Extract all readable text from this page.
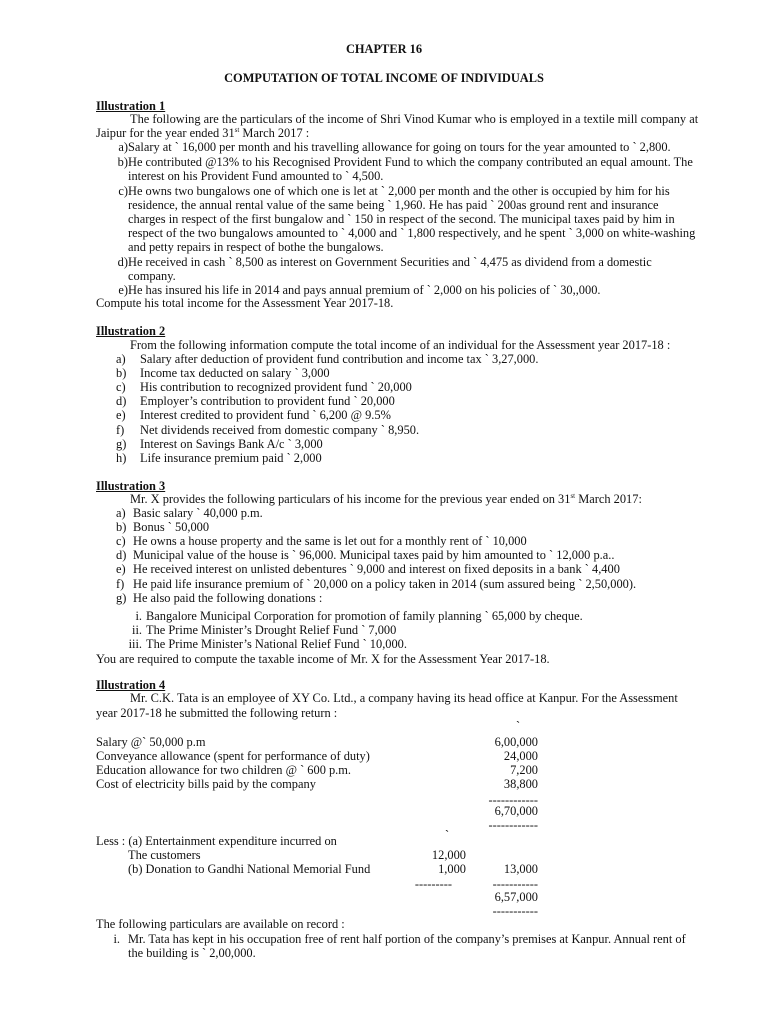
CHAPTER 16
COMPUTATION OF TOTAL INCOME OF INDIVIDUALS
Illustration 1
The following are the particulars of the income of Shri Vinod Kumar who is employed in a textile mill company at
Jaipur for the year ended 31st March 2017 :
a) Salary at ` 16,000 per month and his travelling allowance for going on tours for the year amounted to ` 2,800.
b) He contributed @13% to his Recognised Provident Fund to which the company contributed an equal amount. The
interest on his Provident Fund amounted to ` 4,500.
c) He owns two bungalows one of which one is let at ` 2,000 per month and the other is occupied by him for his
residence, the annual rental value of the same being ` 1,960. He has paid ` 200as ground rent and insurance
charges in respect of the first bungalow and ` 150 in respect of the second. The municipal taxes paid by him in
respect of the two bungalows amounted to ` 4,000 and ` 1,800 respectively, and he spent ` 3,000 on white-washing
and petty repairs in respect of bothe the bungalows.
d) He received in cash ` 8,500 as interest on Government Securities and ` 4,475 as dividend from a domestic
company.
e) He has insured his life in 2014 and pays annual premium of ` 2,000 on his policies of ` 30,,000.
Compute his total income for the Assessment Year 2017-18.
Illustration 2
From the following information compute the total income of an individual for the Assessment year 2017-18 :
a) Salary after deduction of provident fund contribution and income tax ` 3,27,000.
b) Income tax deducted on salary ` 3,000
c) His contribution to recognized provident fund ` 20,000
d) Employer’s contribution to provident fund ` 20,000
e) Interest credited to provident fund ` 6,200 @ 9.5%
f) Net dividends received from domestic company ` 8,950.
g) Interest on Savings Bank A/c ` 3,000
h) Life insurance premium paid ` 2,000
Illustration 3
Mr. X provides the following particulars of his income for the previous year ended on 31st March 2017:
a) Basic salary ` 40,000 p.m.
b) Bonus ` 50,000
c) He owns a house property and the same is let out for a monthly rent of ` 10,000
d) Municipal value of the house is ` 96,000. Municipal taxes paid by him amounted to ` 12,000 p.a..
e) He received interest on unlisted debentures ` 9,000 and interest on fixed deposits in a bank ` 4,400
f) He paid life insurance premium of ` 20,000 on a policy taken in 2014 (sum assured being ` 2,50,000).
g) He also paid the following donations :
i. Bangalore Municipal Corporation for promotion of family planning ` 65,000 by cheque.
ii. The Prime Minister’s Drought Relief Fund ` 7,000
iii. The Prime Minister’s National Relief Fund ` 10,000.
You are required to compute the taxable income of Mr. X for the Assessment Year 2017-18.
Illustration 4
Mr. C.K. Tata is an employee of XY Co. Ltd., a company having its head office at Kanpur. For the Assessment
year 2017-18 he submitted the following return :
`
Salary @` 50,000 p.m	6,00,000
Conveyance allowance (spent for performance of duty)	24,000
Education allowance for two children @ ` 600 p.m.	7,200
Cost of electricity bills paid by the company	38,800
------------
6,70,000
------------
`
Less : (a) Entertainment expenditure incurred on
The customers	12,000
(b) Donation to Gandhi National Memorial Fund	1,000	13,000
---------	-----------
6,57,000
-----------
The following particulars are available on record :
i. Mr. Tata has kept in his occupation free of rent half portion of the company’s premises at Kanpur. Annual rent of
the building is ` 2,00,000.
